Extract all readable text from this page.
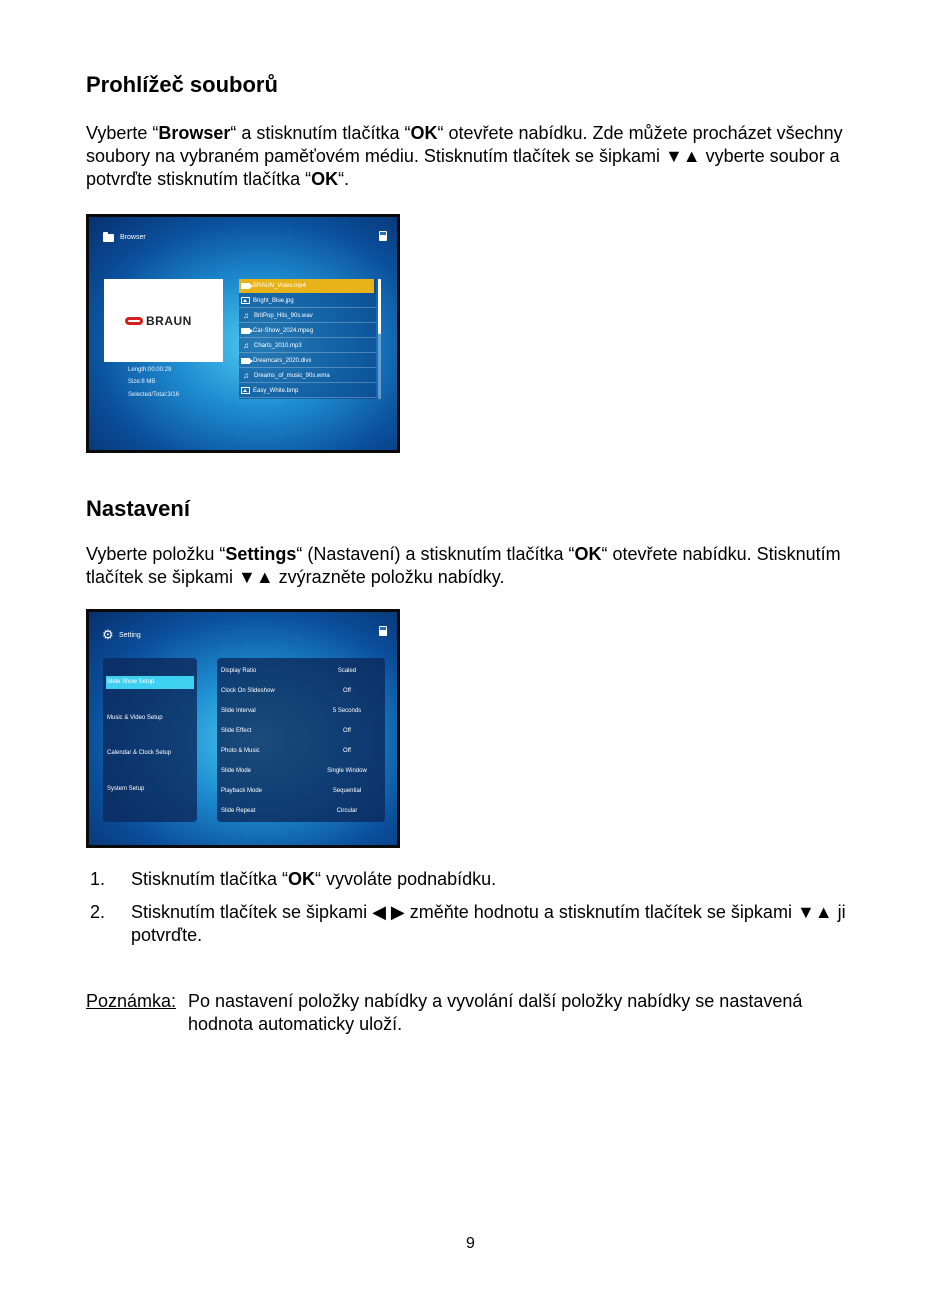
Prohlížeč souborů

Vyberte “Browser“ a stisknutím tlačítka “OK“ otevřete nabídku. Zde můžete procházet všechny soubory na vybraném paměťovém médiu. Stisknutím tlačítek se šipkami ▼▲ vyberte soubor a potvrďte stisknutím tlačítka “OK“.

Browser
BRAUN
Length:00:00:29
Size:8 MB
Selected/Total:3/16
BRAUN_Video.mp4
Bright_Blue.jpg
♫ BritPop_Hits_90s.wav
Car-Show_2024.mpeg
♫ Charts_2010.mp3
Dreamcars_2020.divx
♫ Dreams_of_music_90s.wma
Easy_White.bmp
Nastavení

Vyberte položku “Settings“ (Nastavení) a stisknutím tlačítka “OK“ otevřete nabídku. Stisknutím tlačítek se šipkami ▼▲ zvýrazněte položku nabídky.

⚙ Setting
Slide Show Setup
Music & Video Setup
Calendar & Clock Setup
System Setup
Display Ratio	Scaled
Clock On Slideshow	Off
Slide Interval	5 Seconds
Slide Effect	Off
Photo & Music	Off
Slide Mode	Single Window
Playback Mode	Sequential
Slide Repeat	Circular
1. Stisknutím tlačítka “OK“ vyvoláte podnabídku.
2. Stisknutím tlačítek se šipkami ◀ ▶ změňte hodnotu a stisknutím tlačítek se šipkami ▼▲ ji potvrďte.
Poznámka: Po nastavení položky nabídky a vyvolání další položky nabídky se nastavená hodnota automaticky uloží.
9
